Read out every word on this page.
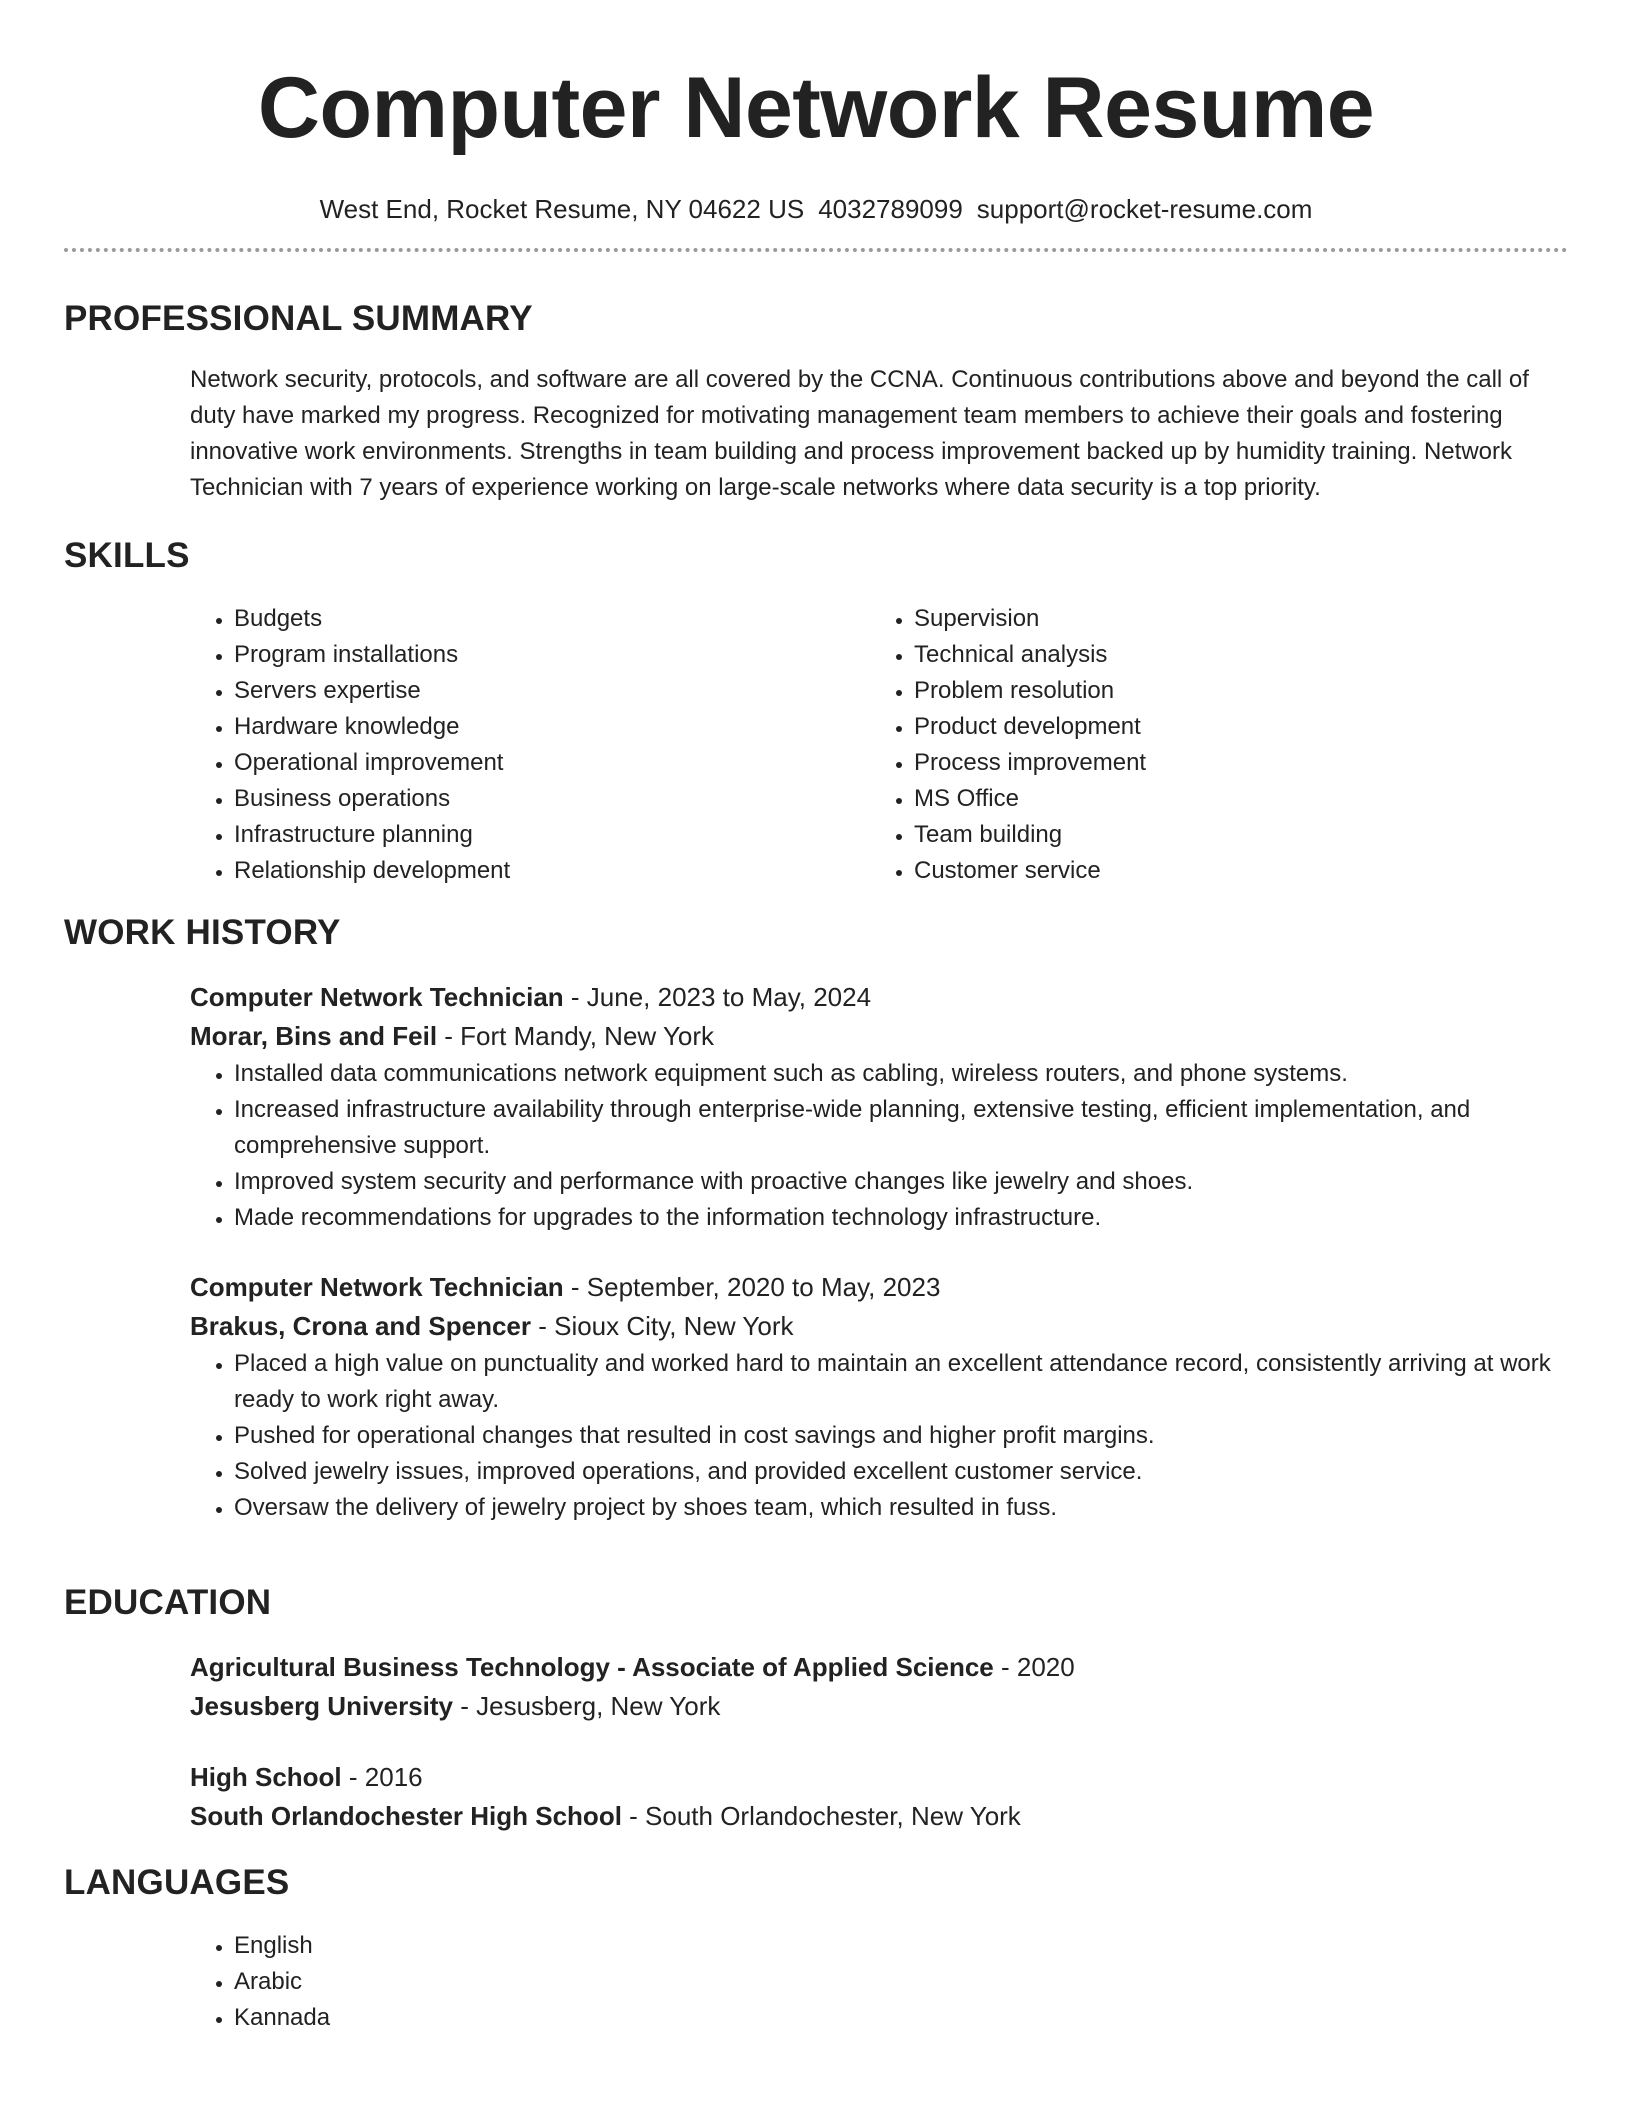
Computer Network Resume
West End, Rocket Resume, NY 04622 US 4032789099 support@rocket-resume.com
PROFESSIONAL SUMMARY
Network security, protocols, and software are all covered by the CCNA. Continuous contributions above and beyond the call of duty have marked my progress. Recognized for motivating management team members to achieve their goals and fostering innovative work environments. Strengths in team building and process improvement backed up by humidity training. Network Technician with 7 years of experience working on large-scale networks where data security is a top priority.
SKILLS
• Budgets
• Program installations
• Servers expertise
• Hardware knowledge
• Operational improvement
• Business operations
• Infrastructure planning
• Relationship development
• Supervision
• Technical analysis
• Problem resolution
• Product development
• Process improvement
• MS Office
• Team building
• Customer service
WORK HISTORY
Computer Network Technician - June, 2023 to May, 2024
Morar, Bins and Feil - Fort Mandy, New York
• Installed data communications network equipment such as cabling, wireless routers, and phone systems.
• Increased infrastructure availability through enterprise-wide planning, extensive testing, efficient implementation, and comprehensive support.
• Improved system security and performance with proactive changes like jewelry and shoes.
• Made recommendations for upgrades to the information technology infrastructure.
Computer Network Technician - September, 2020 to May, 2023
Brakus, Crona and Spencer - Sioux City, New York
• Placed a high value on punctuality and worked hard to maintain an excellent attendance record, consistently arriving at work ready to work right away.
• Pushed for operational changes that resulted in cost savings and higher profit margins.
• Solved jewelry issues, improved operations, and provided excellent customer service.
• Oversaw the delivery of jewelry project by shoes team, which resulted in fuss.
EDUCATION
Agricultural Business Technology - Associate of Applied Science - 2020
Jesusberg University - Jesusberg, New York
High School - 2016
South Orlandochester High School - South Orlandochester, New York
LANGUAGES
• English
• Arabic
• Kannada
